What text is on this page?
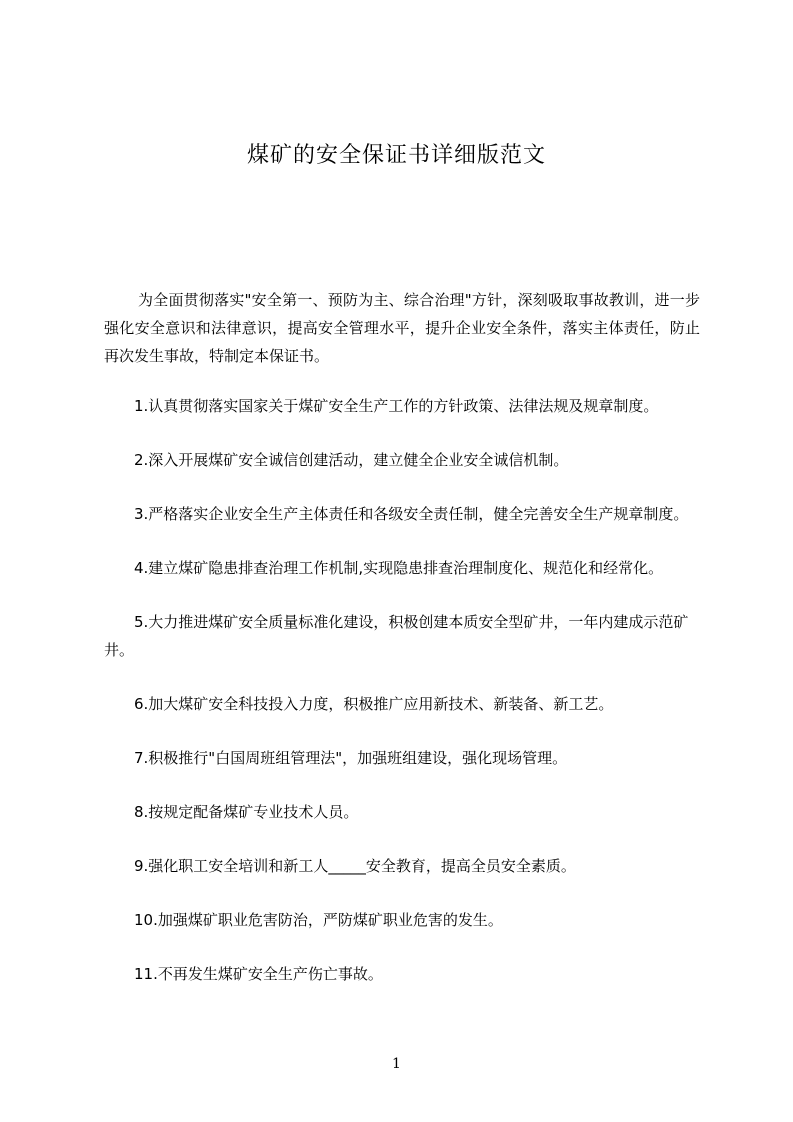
煤矿的安全保证书详细版范文

为全面贯彻落实"安全第一、预防为主、综合治理"方针，深刻吸取事故教训，进一步强化安全意识和法律意识，提高安全管理水平，提升企业安全条件，落实主体责任，防止再次发生事故，特制定本保证书。

1.认真贯彻落实国家关于煤矿安全生产工作的方针政策、法律法规及规章制度。

2.深入开展煤矿安全诚信创建活动，建立健全企业安全诚信机制。

3.严格落实企业安全生产主体责任和各级安全责任制，健全完善安全生产规章制度。

4.建立煤矿隐患排查治理工作机制,实现隐患排查治理制度化、规范化和经常化。

5.大力推进煤矿安全质量标准化建设，积极创建本质安全型矿井，一年内建成示范矿井。

6.加大煤矿安全科技投入力度，积极推广应用新技术、新装备、新工艺。

7.积极推行"白国周班组管理法"，加强班组建设，强化现场管理。

8.按规定配备煤矿专业技术人员。

9.强化职工安全培训和新工人_____安全教育，提高全员安全素质。

10.加强煤矿职业危害防治，严防煤矿职业危害的发生。

11.不再发生煤矿安全生产伤亡事故。

1
